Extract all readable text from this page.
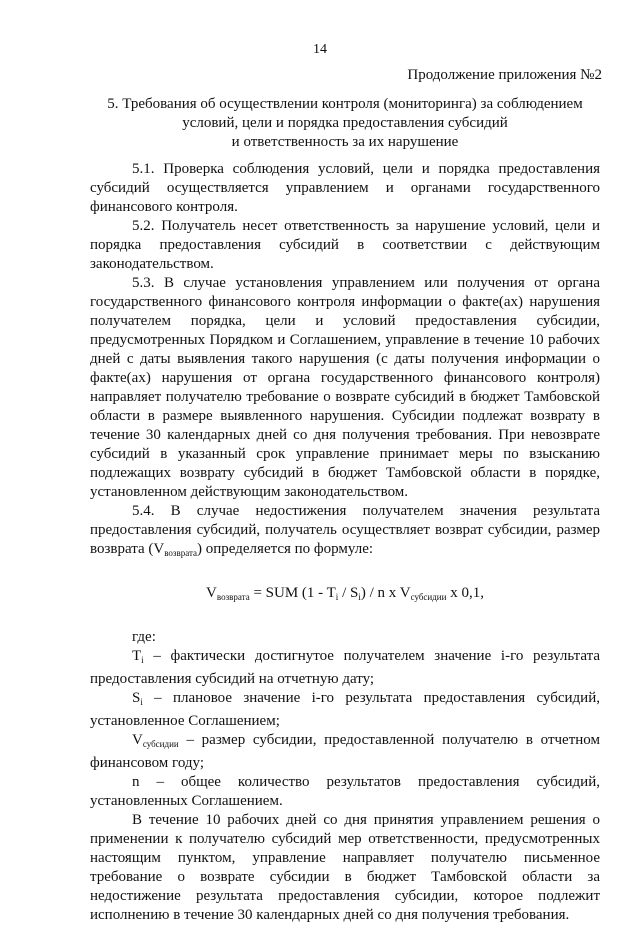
14
Продолжение приложения №2
5. Требования об осуществлении контроля (мониторинга) за соблюдением
условий, цели и порядка предоставления субсидий
и ответственность за их нарушение

5.1. Проверка соблюдения условий, цели и порядка предоставления субсидий осуществляется управлением и органами государственного финансового контроля.

5.2. Получатель несет ответственность за нарушение условий, цели и порядка предоставления субсидий в соответствии с действующим законодательством.

5.3. В случае установления управлением или получения от органа государственного финансового контроля информации о факте(ах) нарушения получателем порядка, цели и условий предоставления субсидии, предусмотренных Порядком и Соглашением, управление в течение 10 рабочих дней с даты выявления такого нарушения (с даты получения информации о факте(ах) нарушения от органа государственного финансового контроля) направляет получателю требование о возврате субсидий в бюджет Тамбовской области в размере выявленного нарушения. Субсидии подлежат возврату в течение 30 календарных дней со дня получения требования. При невозврате субсидий в указанный срок управление принимает меры по взысканию подлежащих возврату субсидий в бюджет Тамбовской области в порядке, установленном действующим законодательством.

5.4. В случае недостижения получателем значения результата предоставления субсидий, получатель осуществляет возврат субсидии, размер возврата $(V_{возврата})$ определяется по формуле:

$V_{возврата}$ = SUM $(1 - T_i / S_i)$ / n x $V_{субсидии}$ x 0,1,

где:

$T_i$ – фактически достигнутое получателем значение i-го результата предоставления субсидий на отчетную дату;

$S_i$ – плановое значение i-го результата предоставления субсидий, установленное Соглашением;

$V_{субсидии}$ – размер субсидии, предоставленной получателю в отчетном финансовом году;

n – общее количество результатов предоставления субсидий, установленных Соглашением.

В течение 10 рабочих дней со дня принятия управлением решения о применении к получателю субсидий мер ответственности, предусмотренных настоящим пунктом, управление направляет получателю письменное требование о возврате субсидии в бюджет Тамбовской области за недостижение результата предоставления субсидии, которое подлежит исполнению в течение 30 календарных дней со дня получения требования.
